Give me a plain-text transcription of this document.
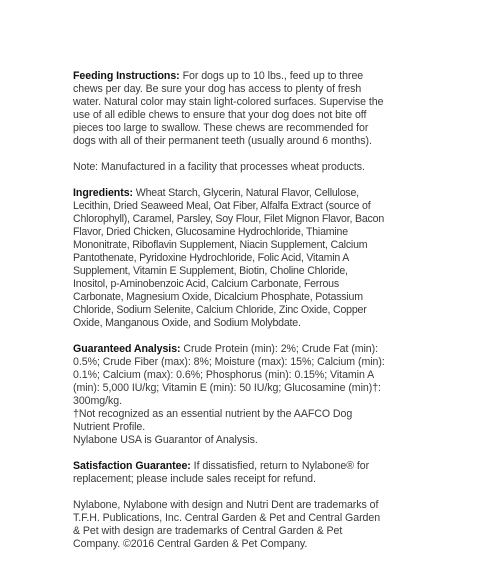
Feeding Instructions: For dogs up to 10 lbs., feed up to three chews per day. Be sure your dog has access to plenty of fresh water. Natural color may stain light-colored surfaces. Supervise the use of all edible chews to ensure that your dog does not bite off pieces too large to swallow. These chews are recommended for dogs with all of their permanent teeth (usually around 6 months).

Note: Manufactured in a facility that processes wheat products.

Ingredients: Wheat Starch, Glycerin, Natural Flavor, Cellulose, Lecithin, Dried Seaweed Meal, Oat Fiber, Alfalfa Extract (source of Chlorophyll), Caramel, Parsley, Soy Flour, Filet Mignon Flavor, Bacon Flavor, Dried Chicken, Glucosamine Hydrochloride, Thiamine Mononitrate, Riboflavin Supplement, Niacin Supplement, Calcium Pantothenate, Pyridoxine Hydrochloride, Folic Acid, Vitamin A Supplement, Vitamin E Supplement, Biotin, Choline Chloride, Inositol, p-Aminobenzoic Acid, Calcium Carbonate, Ferrous Carbonate, Magnesium Oxide, Dicalcium Phosphate, Potassium Chloride, Sodium Selenite, Calcium Chloride, Zinc Oxide, Copper Oxide, Manganous Oxide, and Sodium Molybdate.

Guaranteed Analysis: Crude Protein (min): 2%; Crude Fat (min): 0.5%; Crude Fiber (max): 8%; Moisture (max): 15%; Calcium (min): 0.1%; Calcium (max): 0.6%; Phosphorus (min): 0.15%; Vitamin A (min): 5,000 IU/kg; Vitamin E (min): 50 IU/kg; Glucosamine (min)†: 300mg/kg.
†Not recognized as an essential nutrient by the AAFCO Dog Nutrient Profile.
Nylabone USA is Guarantor of Analysis.

Satisfaction Guarantee: If dissatisfied, return to Nylabone® for replacement; please include sales receipt for refund.

Nylabone, Nylabone with design and Nutri Dent are trademarks of T.F.H. Publications, Inc. Central Garden & Pet and Central Garden & Pet with design are trademarks of Central Garden & Pet Company. ©2016 Central Garden & Pet Company.
